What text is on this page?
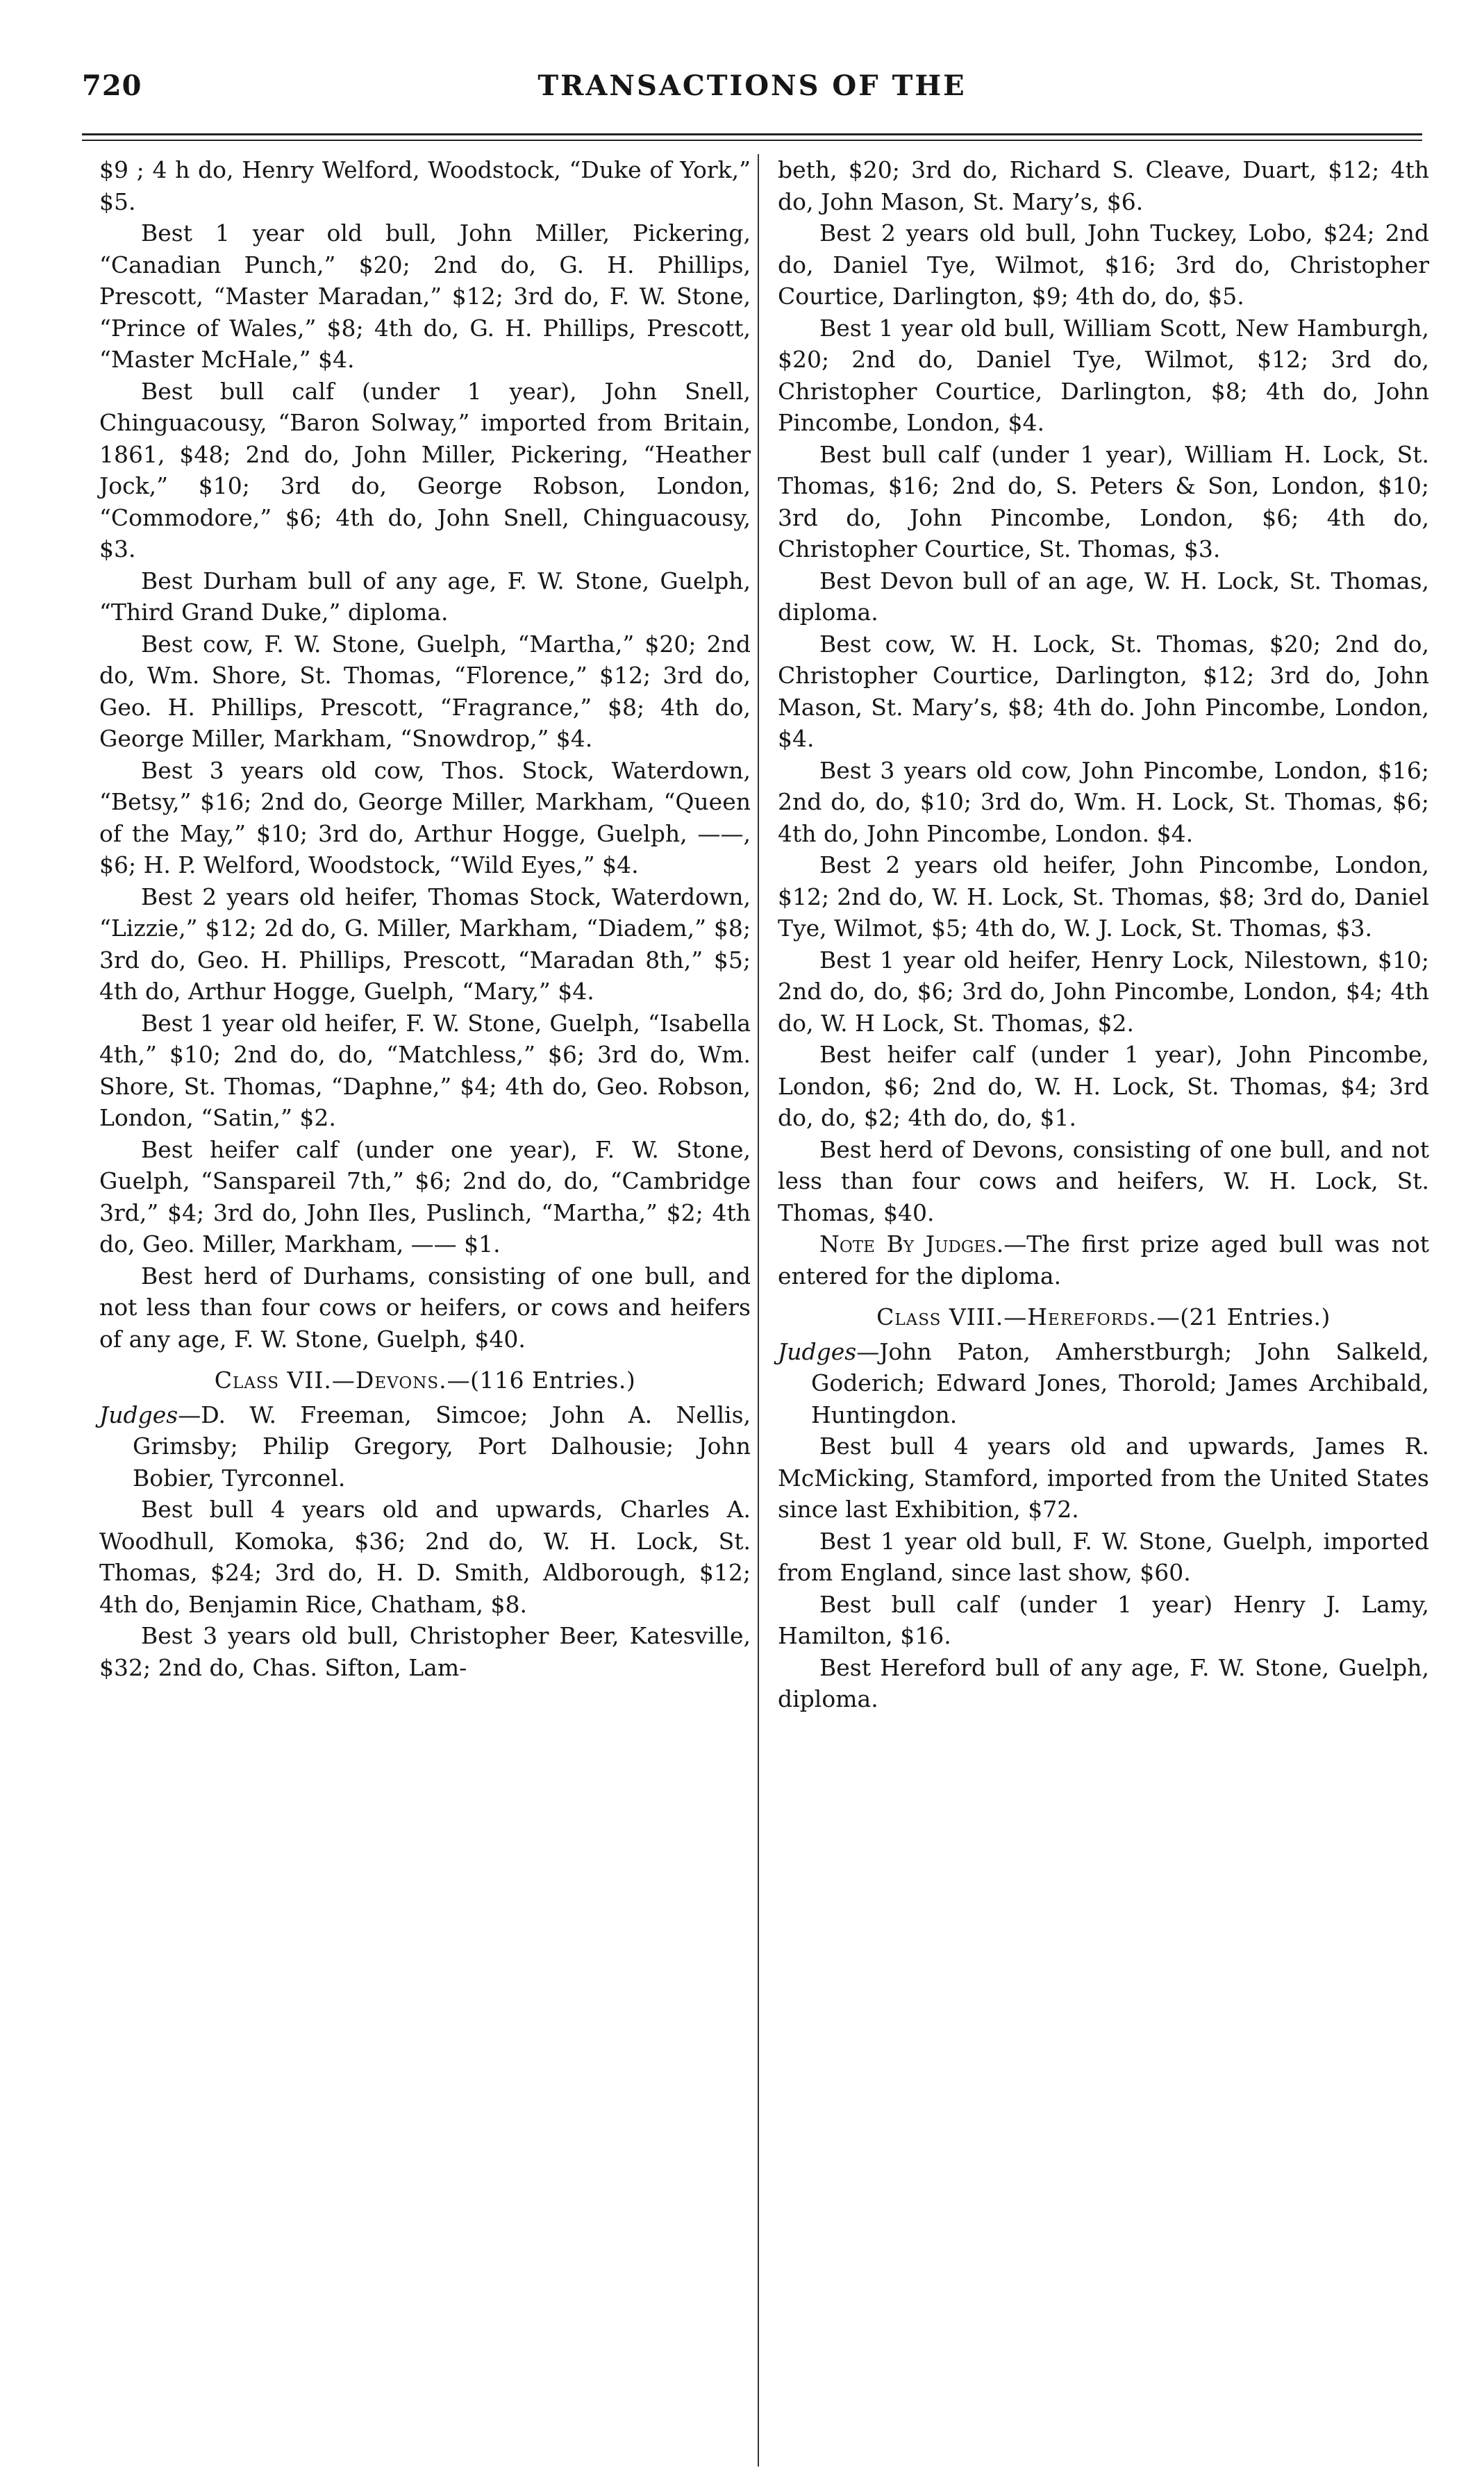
720	TRANSACTIONS OF THE

$9 ; 4 h do, Henry Welford, Woodstock, “Duke of York,” $5.

Best 1 year old bull, John Miller, Pickering, “Canadian Punch,” $20; 2nd do, G. H. Phillips, Prescott, “Master Maradan,” $12; 3rd do, F. W. Stone, “Prince of Wales,” $8; 4th do, G. H. Phillips, Prescott, “Master McHale,” $4.

Best bull calf (under 1 year), John Snell, Chinguacousy, “Baron Solway,” imported from Britain, 1861, $48; 2nd do, John Miller, Pickering, “Heather Jock,” $10; 3rd do, George Robson, London, “Commodore,” $6; 4th do, John Snell, Chinguacousy, $3.

Best Durham bull of any age, F. W. Stone, Guelph, “Third Grand Duke,” diploma.

Best cow, F. W. Stone, Guelph, “Martha,” $20; 2nd do, Wm. Shore, St. Thomas, “Florence,” $12; 3rd do, Geo. H. Phillips, Prescott, “Fragrance,” $8; 4th do, George Miller, Markham, “Snowdrop,” $4.

Best 3 years old cow, Thos. Stock, Waterdown, “Betsy,” $16; 2nd do, George Miller, Markham, “Queen of the May,” $10; 3rd do, Arthur Hogge, Guelph, ——, $6; H. P. Welford, Woodstock, “Wild Eyes,” $4.

Best 2 years old heifer, Thomas Stock, Waterdown, “Lizzie,” $12; 2d do, G. Miller, Markham, “Diadem,” $8; 3rd do, Geo. H. Phillips, Prescott, “Maradan 8th,” $5; 4th do, Arthur Hogge, Guelph, “Mary,” $4.

Best 1 year old heifer, F. W. Stone, Guelph, “Isabella 4th,” $10; 2nd do, do, “Matchless,” $6; 3rd do, Wm. Shore, St. Thomas, “Daphne,” $4; 4th do, Geo. Robson, London, “Satin,” $2.

Best heifer calf (under one year), F. W. Stone, Guelph, “Sanspareil 7th,” $6; 2nd do, do, “Cambridge 3rd,” $4; 3rd do, John Iles, Puslinch, “Martha,” $2; 4th do, Geo. Miller, Markham, —— $1.

Best herd of Durhams, consisting of one bull, and not less than four cows or heifers, or cows and heifers of any age, F. W. Stone, Guelph, $40.

Class VII.—Devons.—(116 Entries.)

Judges—D. W. Freeman, Simcoe; John A. Nellis, Grimsby; Philip Gregory, Port Dalhousie; John Bobier, Tyrconnel.

Best bull 4 years old and upwards, Charles A. Woodhull, Komoka, $36; 2nd do, W. H. Lock, St. Thomas, $24; 3rd do, H. D. Smith, Aldborough, $12; 4th do, Benjamin Rice, Chatham, $8.

Best 3 years old bull, Christopher Beer, Katesville, $32; 2nd do, Chas. Sifton, Lam-

beth, $20; 3rd do, Richard S. Cleave, Duart, $12; 4th do, John Mason, St. Mary’s, $6.

Best 2 years old bull, John Tuckey, Lobo, $24; 2nd do, Daniel Tye, Wilmot, $16; 3rd do, Christopher Courtice, Darlington, $9; 4th do, do, $5.

Best 1 year old bull, William Scott, New Hamburgh, $20; 2nd do, Daniel Tye, Wilmot, $12; 3rd do, Christopher Courtice, Darlington, $8; 4th do, John Pincombe, London, $4.

Best bull calf (under 1 year), William H. Lock, St. Thomas, $16; 2nd do, S. Peters & Son, London, $10; 3rd do, John Pincombe, London, $6; 4th do, Christopher Courtice, St. Thomas, $3.

Best Devon bull of an age, W. H. Lock, St. Thomas, diploma.

Best cow, W. H. Lock, St. Thomas, $20; 2nd do, Christopher Courtice, Darlington, $12; 3rd do, John Mason, St. Mary’s, $8; 4th do. John Pincombe, London, $4.

Best 3 years old cow, John Pincombe, London, $16; 2nd do, do, $10; 3rd do, Wm. H. Lock, St. Thomas, $6; 4th do, John Pincombe, London. $4.

Best 2 years old heifer, John Pincombe, London, $12; 2nd do, W. H. Lock, St. Thomas, $8; 3rd do, Daniel Tye, Wilmot, $5; 4th do, W. J. Lock, St. Thomas, $3.

Best 1 year old heifer, Henry Lock, Nilestown, $10; 2nd do, do, $6; 3rd do, John Pincombe, London, $4; 4th do, W. H Lock, St. Thomas, $2.

Best heifer calf (under 1 year), John Pincombe, London, $6; 2nd do, W. H. Lock, St. Thomas, $4; 3rd do, do, $2; 4th do, do, $1.

Best herd of Devons, consisting of one bull, and not less than four cows and heifers, W. H. Lock, St. Thomas, $40.

Note By Judges.—The first prize aged bull was not entered for the diploma.

Class VIII.—Herefords.—(21 Entries.)

Judges—John Paton, Amherstburgh; John Salkeld, Goderich; Edward Jones, Thorold; James Archibald, Huntingdon.

Best bull 4 years old and upwards, James R. McMicking, Stamford, imported from the United States since last Exhibition, $72.

Best 1 year old bull, F. W. Stone, Guelph, imported from England, since last show, $60.

Best bull calf (under 1 year) Henry J. Lamy, Hamilton, $16.

Best Hereford bull of any age, F. W. Stone, Guelph, diploma.
